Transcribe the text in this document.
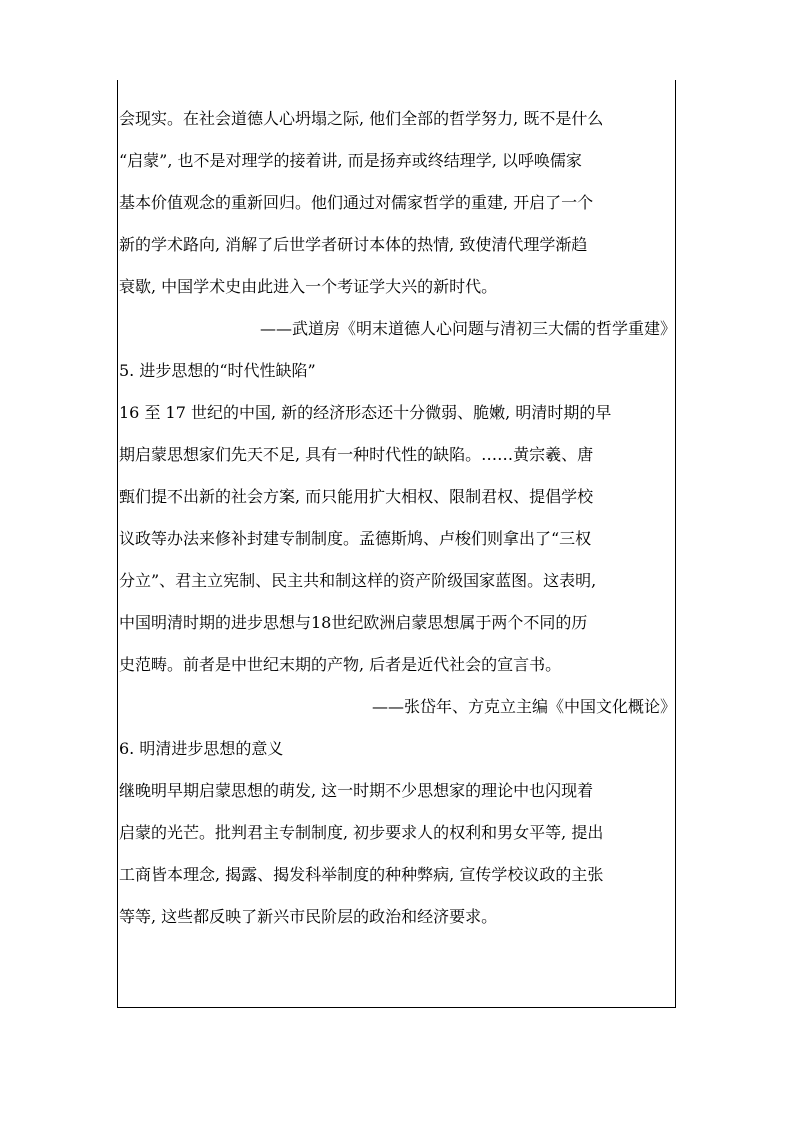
会现实。在社会道德人心坍塌之际, 他们全部的哲学努力, 既不是什么
“启蒙”, 也不是对理学的接着讲, 而是扬弃或终结理学, 以呼唤儒家
基本价值观念的重新回归。他们通过对儒家哲学的重建, 开启了一个
新的学术路向, 消解了后世学者研讨本体的热情, 致使清代理学渐趋
衰歇, 中国学术史由此进入一个考证学大兴的新时代。
——武道房《明末道德人心问题与清初三大儒的哲学重建》
5. 进步思想的“时代性缺陷”
16 至 17 世纪的中国, 新的经济形态还十分微弱、脆嫩, 明清时期的早
期启蒙思想家们先天不足, 具有一种时代性的缺陷。……黄宗羲、唐
甄们提不出新的社会方案, 而只能用扩大相权、限制君权、提倡学校
议政等办法来修补封建专制制度。孟德斯鸠、卢梭们则拿出了“三权
分立”、君主立宪制、民主共和制这样的资产阶级国家蓝图。这表明,
中国明清时期的进步思想与18世纪欧洲启蒙思想属于两个不同的历
史范畴。前者是中世纪末期的产物, 后者是近代社会的宣言书。
——张岱年、方克立主编《中国文化概论》
6. 明清进步思想的意义
继晚明早期启蒙思想的萌发, 这一时期不少思想家的理论中也闪现着
启蒙的光芒。批判君主专制制度, 初步要求人的权利和男女平等, 提出
工商皆本理念, 揭露、揭发科举制度的种种弊病, 宣传学校议政的主张
等等, 这些都反映了新兴市民阶层的政治和经济要求。
